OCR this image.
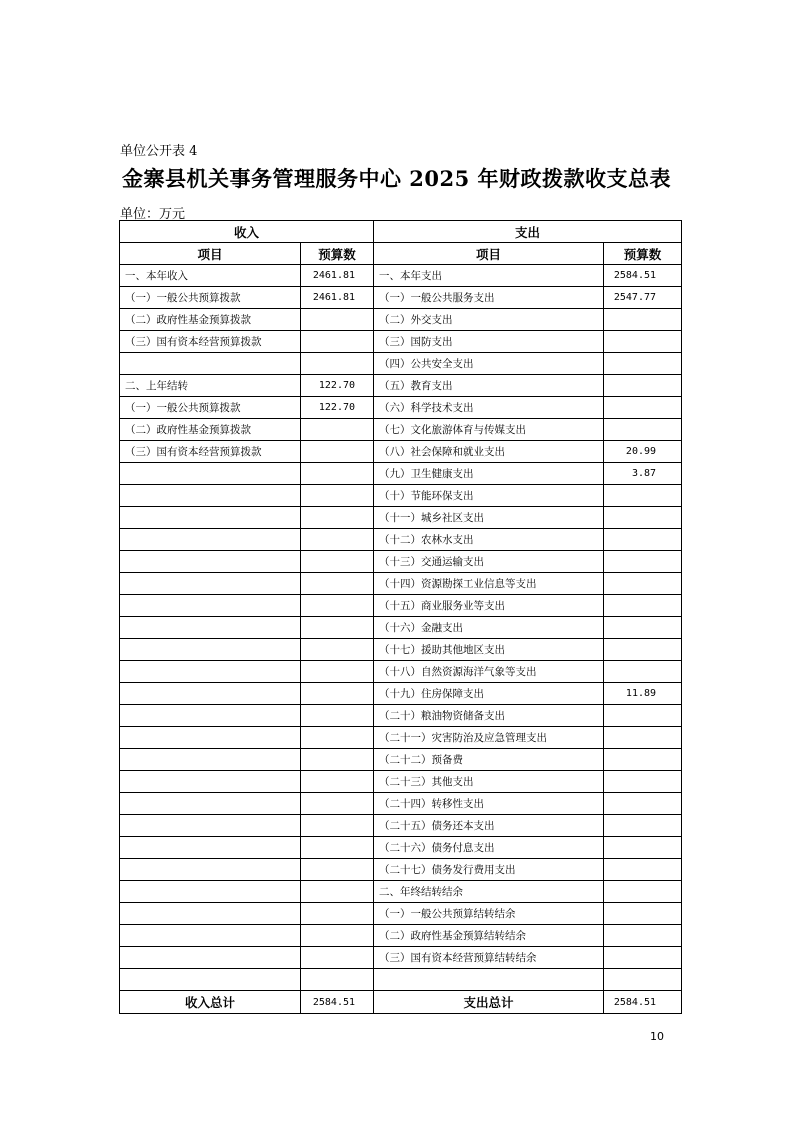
单位公开表 4
金寨县机关事务管理服务中心 2025 年财政拨款收支总表
单位：万元
收入		支出	
项目	预算数	项目	预算数
一、本年收入	2461.81	一、本年支出	2584.51
（一）一般公共预算拨款	2461.81	（一）一般公共服务支出	2547.77
（二）政府性基金预算拨款		（二）外交支出	
（三）国有资本经营预算拨款		（三）国防支出	
		（四）公共安全支出	
二、上年结转	122.70	（五）教育支出	
（一）一般公共预算拨款	122.70	（六）科学技术支出	
（二）政府性基金预算拨款		（七）文化旅游体育与传媒支出	
（三）国有资本经营预算拨款		（八）社会保障和就业支出	20.99
		（九）卫生健康支出	3.87
		（十）节能环保支出	
		（十一）城乡社区支出	
		（十二）农林水支出	
		（十三）交通运输支出	
		（十四）资源勘探工业信息等支出	
		（十五）商业服务业等支出	
		（十六）金融支出	
		（十七）援助其他地区支出	
		（十八）自然资源海洋气象等支出	
		（十九）住房保障支出	11.89
		（二十）粮油物资储备支出	
		（二十一）灾害防治及应急管理支出	
		（二十二）预备费	
		（二十三）其他支出	
		（二十四）转移性支出	
		（二十五）债务还本支出	
		（二十六）债务付息支出	
		（二十七）债务发行费用支出	
		二、年终结转结余	
		（一）一般公共预算结转结余	
		（二）政府性基金预算结转结余	
		（三）国有资本经营预算结转结余	

收入总计	2584.51	支出总计	2584.51
10
